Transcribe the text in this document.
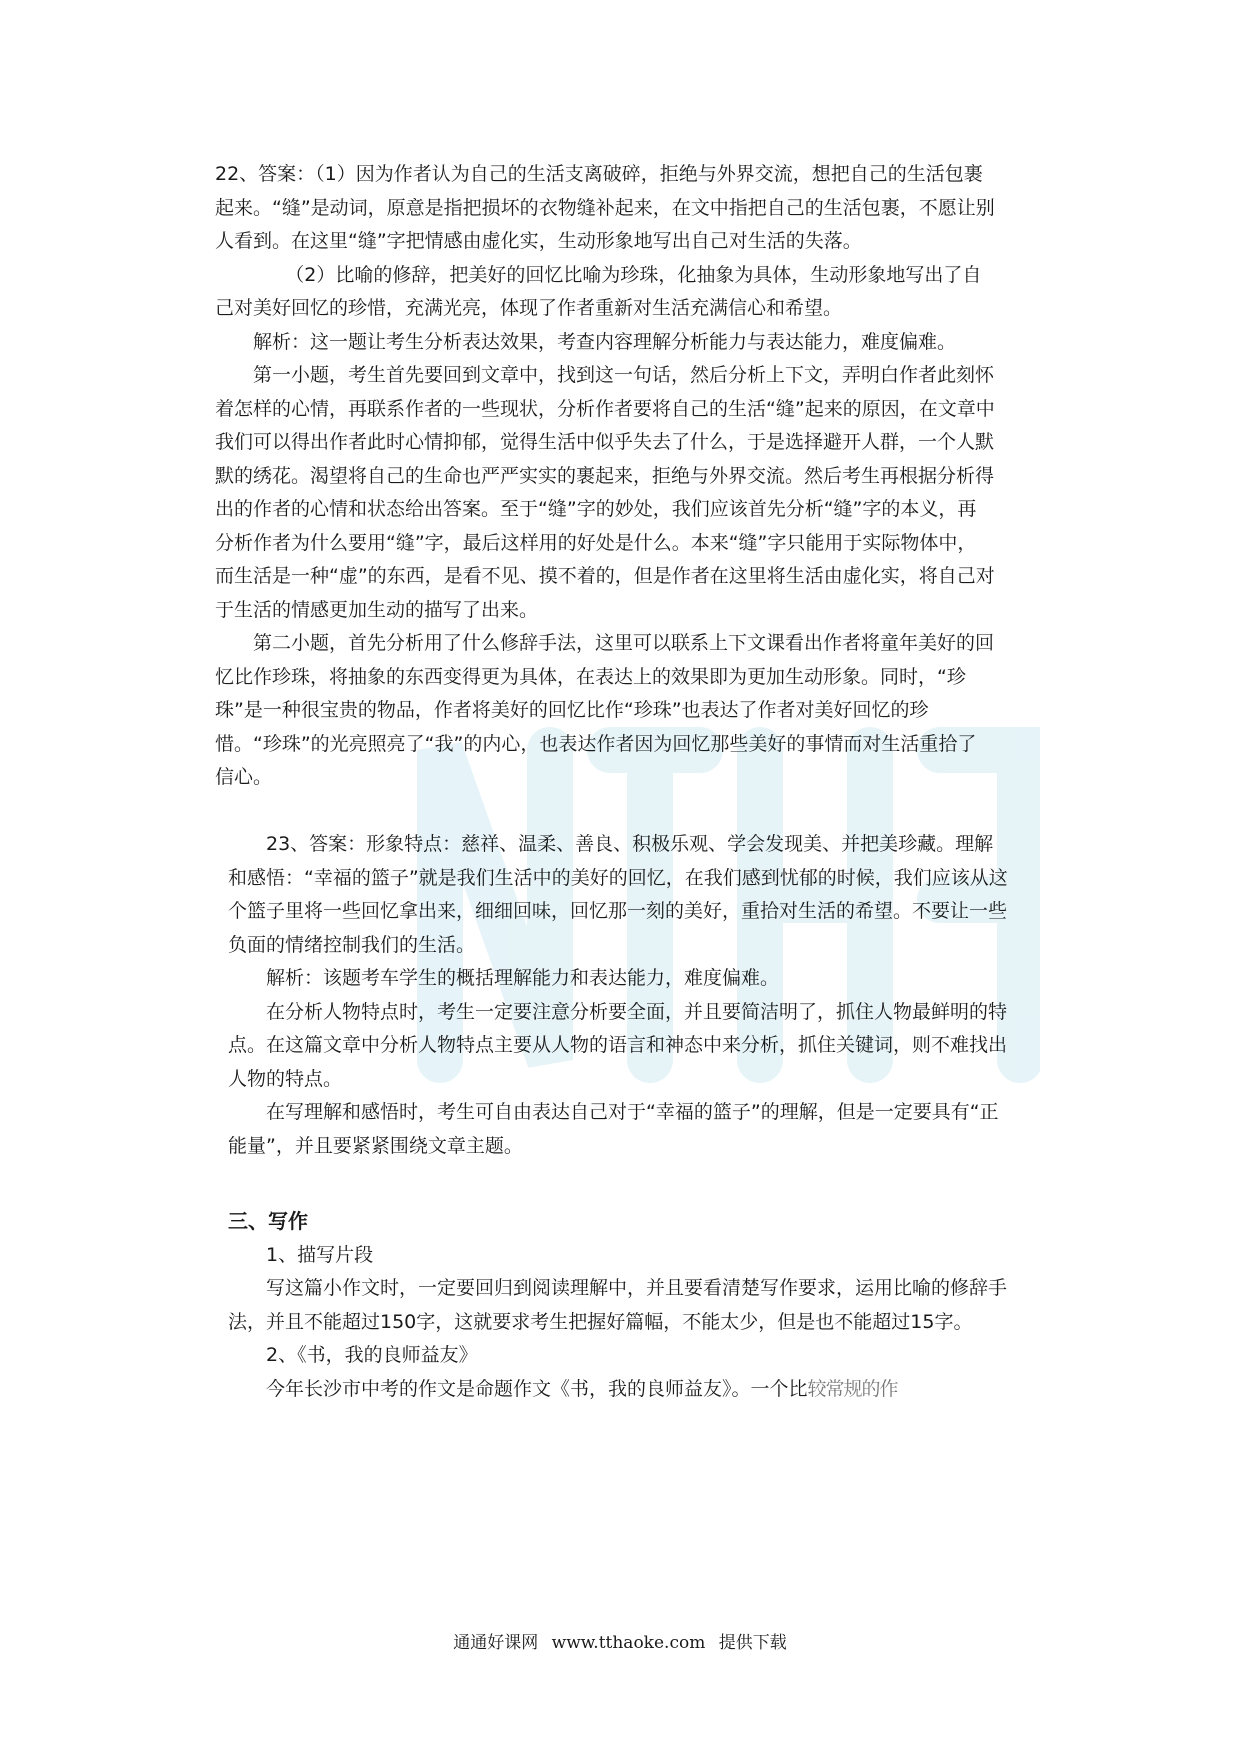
22、答案：（1）因为作者认为自己的生活支离破碎，拒绝与外界交流，想把自己的生活包裹起来。“缝”是动词，原意是指把损坏的衣物缝补起来，在文中指把自己的生活包裹，不愿让别人看到。在这里“缝”字把情感由虚化实，生动形象地写出自己对生活的失落。

（2）比喻的修辞，把美好的回忆比喻为珍珠，化抽象为具体，生动形象地写出了自己对美好回忆的珍惜，充满光亮，体现了作者重新对生活充满信心和希望。

解析：这一题让考生分析表达效果，考查内容理解分析能力与表达能力，难度偏难。

第一小题，考生首先要回到文章中，找到这一句话，然后分析上下文，弄明白作者此刻怀着怎样的心情，再联系作者的一些现状，分析作者要将自己的生活“缝”起来的原因，在文章中我们可以得出作者此时心情抑郁，觉得生活中似乎失去了什么，于是选择避开人群，一个人默默的绣花。渴望将自己的生命也严严实实的裹起来，拒绝与外界交流。然后考生再根据分析得出的作者的心情和状态给出答案。至于“缝”字的妙处，我们应该首先分析“缝”字的本义，再分析作者为什么要用“缝”字，最后这样用的好处是什么。本来“缝”字只能用于实际物体中，而生活是一种“虚”的东西，是看不见、摸不着的，但是作者在这里将生活由虚化实，将自己对于生活的情感更加生动的描写了出来。

第二小题，首先分析用了什么修辞手法，这里可以联系上下文课看出作者将童年美好的回忆比作珍珠，将抽象的东西变得更为具体，在表达上的效果即为更加生动形象。同时，“珍珠”是一种很宝贵的物品，作者将美好的回忆比作“珍珠”也表达了作者对美好回忆的珍惜。“珍珠”的光亮照亮了“我”的内心，也表达作者因为回忆那些美好的事情而对生活重拾了信心。

23、答案：形象特点：慈祥、温柔、善良、积极乐观、学会发现美、并把美珍藏。理解和感悟：“幸福的篮子”就是我们生活中的美好的回忆，在我们感到忧郁的时候，我们应该从这个篮子里将一些回忆拿出来，细细回味，回忆那一刻的美好，重拾对生活的希望。不要让一些负面的情绪控制我们的生活。

解析：该题考车学生的概括理解能力和表达能力，难度偏难。

在分析人物特点时，考生一定要注意分析要全面，并且要简洁明了，抓住人物最鲜明的特点。在这篇文章中分析人物特点主要从人物的语言和神态中来分析，抓住关键词，则不难找出人物的特点。

在写理解和感悟时，考生可自由表达自己对于“幸福的篮子”的理解，但是一定要具有“正能量”，并且要紧紧围绕文章主题。

三、写作

1、描写片段

写这篇小作文时，一定要回归到阅读理解中，并且要看清楚写作要求，运用比喻的修辞手法，并且不能超过150字，这就要求考生把握好篇幅，不能太少，但是也不能超过15字。

2、《书，我的良师益友》

今年长沙市中考的作文是命题作文《书，我的良师益友》。一个比较常规的作

通通好课网 www.tthaoke.com 提供下载
